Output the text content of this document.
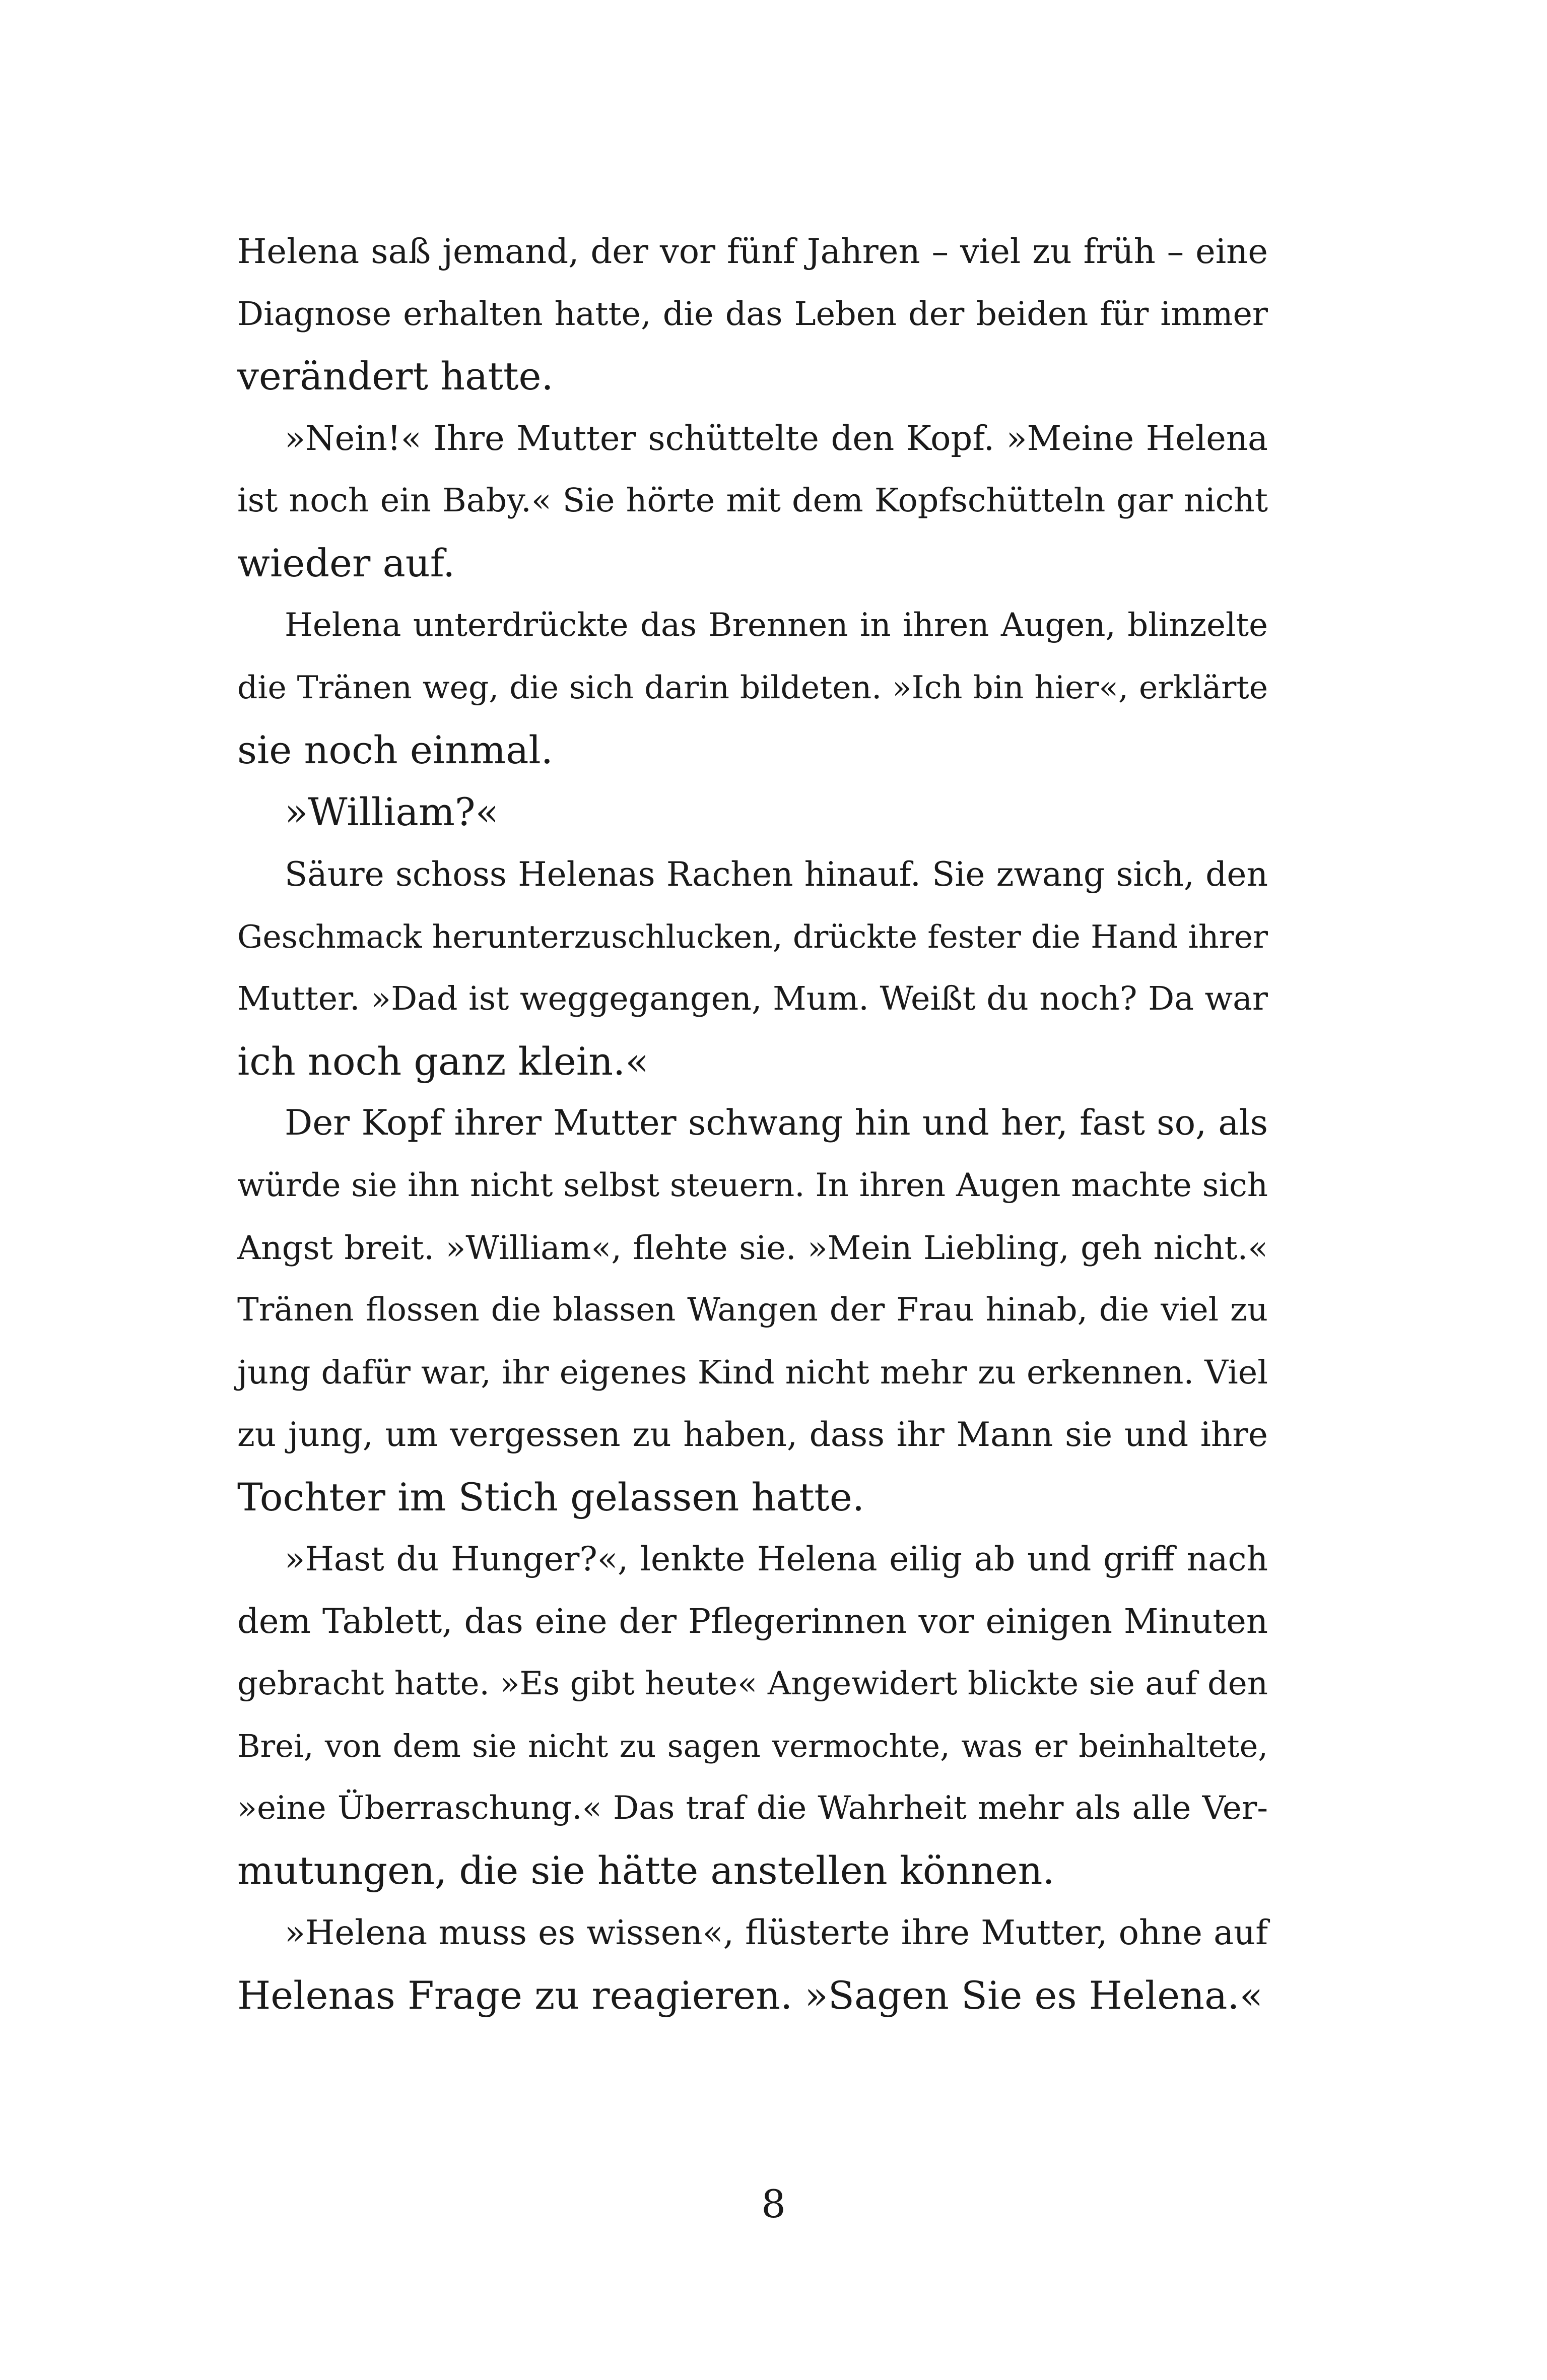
Helena saß jemand, der vor fünf Jahren – viel zu früh – eine
Diagnose erhalten hatte, die das Leben der beiden für immer
verändert hatte.
»Nein!« Ihre Mutter schüttelte den Kopf. »Meine Helena
ist noch ein Baby.« Sie hörte mit dem Kopfschütteln gar nicht
wieder auf.
Helena unterdrückte das Brennen in ihren Augen, blinzelte
die Tränen weg, die sich darin bildeten. »Ich bin hier«, erklärte
sie noch einmal.
»William?«
Säure schoss Helenas Rachen hinauf. Sie zwang sich, den
Geschmack herunterzuschlucken, drückte fester die Hand ihrer
Mutter. »Dad ist weggegangen, Mum. Weißt du noch? Da war
ich noch ganz klein.«
Der Kopf ihrer Mutter schwang hin und her, fast so, als
würde sie ihn nicht selbst steuern. In ihren Augen machte sich
Angst breit. »William«, flehte sie. »Mein Liebling, geh nicht.«
Tränen flossen die blassen Wangen der Frau hinab, die viel zu
jung dafür war, ihr eigenes Kind nicht mehr zu erkennen. Viel
zu jung, um vergessen zu haben, dass ihr Mann sie und ihre
Tochter im Stich gelassen hatte.
»Hast du Hunger?«, lenkte Helena eilig ab und griff nach
dem Tablett, das eine der Pflegerinnen vor einigen Minuten
gebracht hatte. »Es gibt heute« Angewidert blickte sie auf den
Brei, von dem sie nicht zu sagen vermochte, was er beinhaltete,
»eine Überraschung.« Das traf die Wahrheit mehr als alle Ver-
mutungen, die sie hätte anstellen können.
»Helena muss es wissen«, flüsterte ihre Mutter, ohne auf
Helenas Frage zu reagieren. »Sagen Sie es Helena.«
8
